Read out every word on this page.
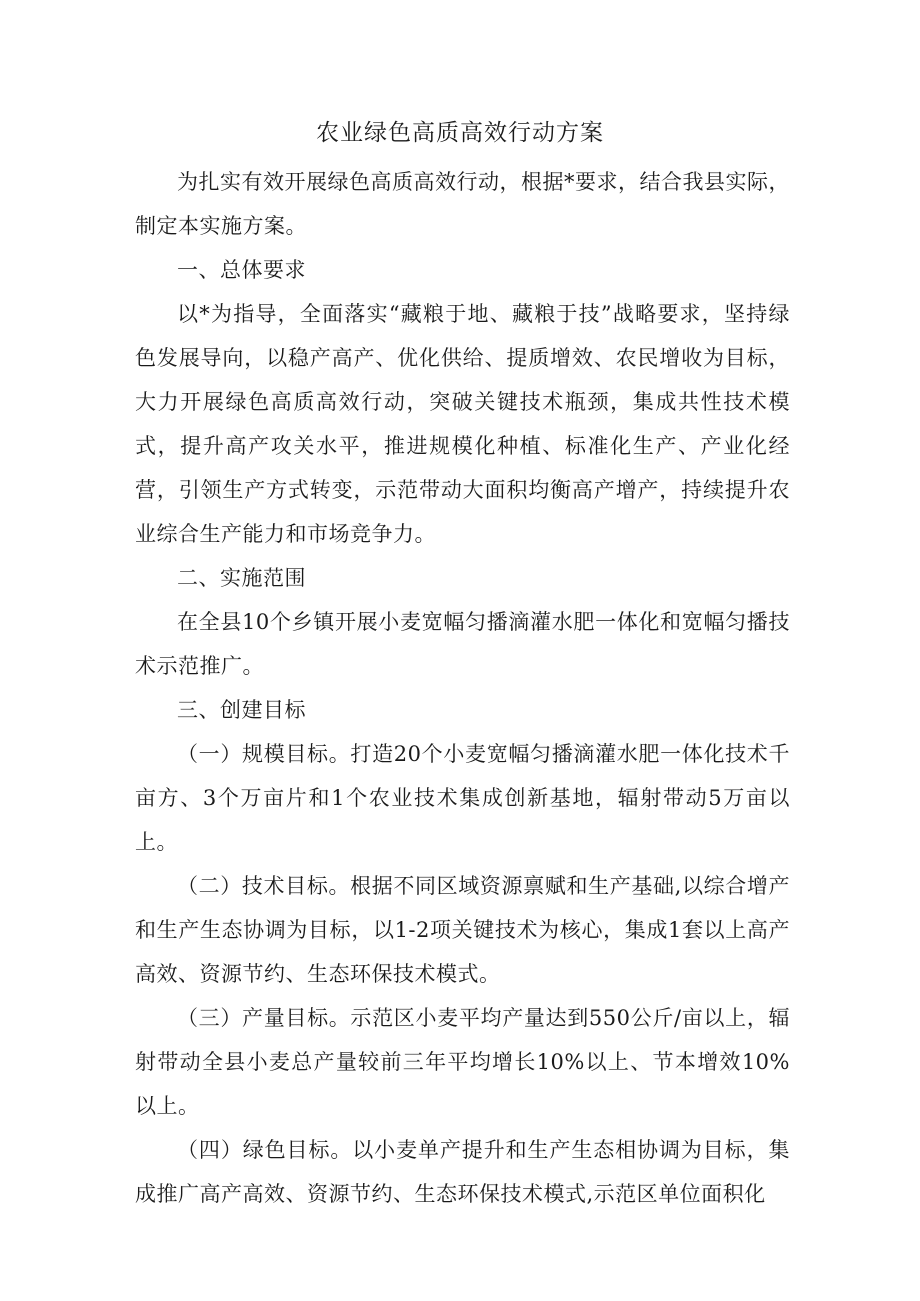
农业绿色高质高效行动方案

为扎实有效开展绿色高质高效行动，根据*要求，结合我县实际，制定本实施方案。

一、总体要求

以*为指导，全面落实“藏粮于地、藏粮于技”战略要求，坚持绿色发展导向，以稳产高产、优化供给、提质增效、农民增收为目标，大力开展绿色高质高效行动，突破关键技术瓶颈，集成共性技术模式，提升高产攻关水平，推进规模化种植、标准化生产、产业化经营，引领生产方式转变，示范带动大面积均衡高产增产，持续提升农业综合生产能力和市场竞争力。

二、实施范围

在全县10个乡镇开展小麦宽幅匀播滴灌水肥一体化和宽幅匀播技术示范推广。

三、创建目标

（一）规模目标。打造20个小麦宽幅匀播滴灌水肥一体化技术千亩方、3个万亩片和1个农业技术集成创新基地，辐射带动5万亩以上。

（二）技术目标。根据不同区域资源禀赋和生产基础,以综合增产和生产生态协调为目标，以1-2项关键技术为核心，集成1套以上高产高效、资源节约、生态环保技术模式。

（三）产量目标。示范区小麦平均产量达到550公斤/亩以上，辐射带动全县小麦总产量较前三年平均增长10%以上、节本增效10%以上。

（四）绿色目标。以小麦单产提升和生产生态相协调为目标，集成推广高产高效、资源节约、生态环保技术模式,示范区单位面积化
